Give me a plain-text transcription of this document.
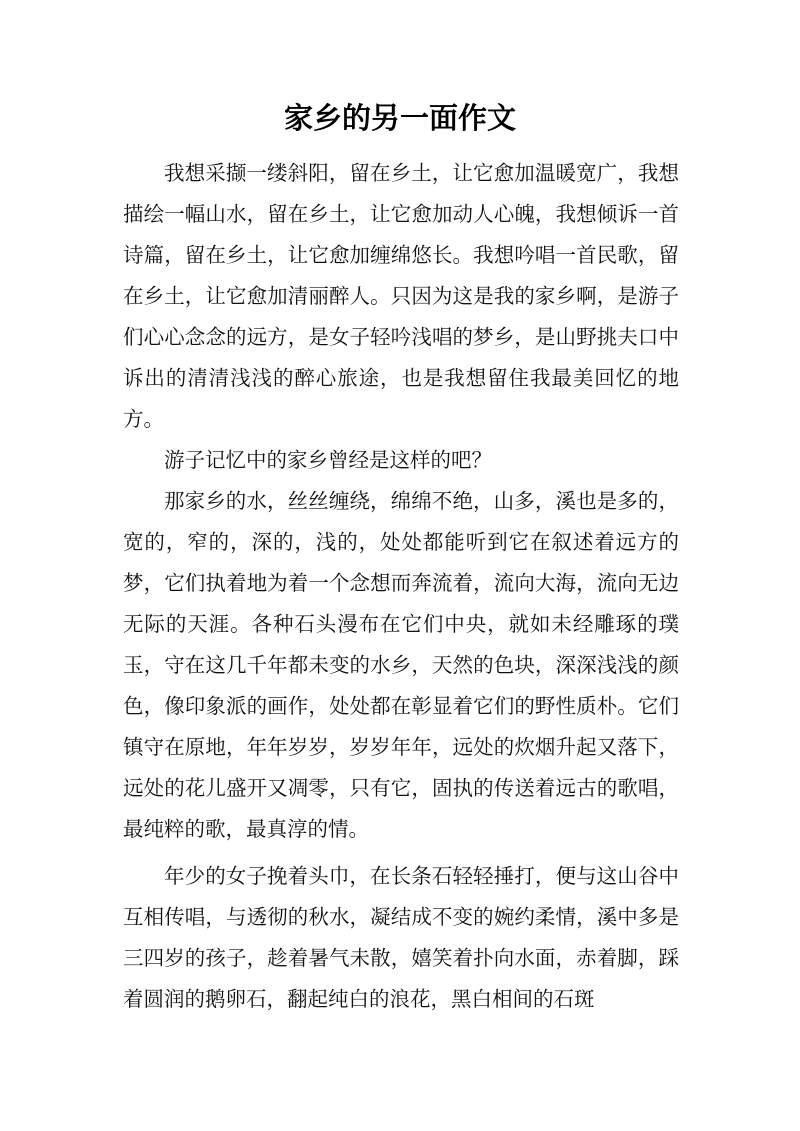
家乡的另一面作文

我想采撷一缕斜阳，留在乡土，让它愈加温暖宽广，我想描绘一幅山水，留在乡土，让它愈加动人心魄，我想倾诉一首诗篇，留在乡土，让它愈加缠绵悠长。我想吟唱一首民歌，留在乡土，让它愈加清丽醉人。只因为这是我的家乡啊，是游子们心心念念的远方，是女子轻吟浅唱的梦乡，是山野挑夫口中诉出的清清浅浅的醉心旅途，也是我想留住我最美回忆的地方。

游子记忆中的家乡曾经是这样的吧？

那家乡的水，丝丝缠绕，绵绵不绝，山多，溪也是多的，宽的，窄的，深的，浅的，处处都能听到它在叙述着远方的梦，它们执着地为着一个念想而奔流着，流向大海，流向无边无际的天涯。各种石头漫布在它们中央，就如未经雕琢的璞玉，守在这几千年都未变的水乡，天然的色块，深深浅浅的颜色，像印象派的画作，处处都在彰显着它们的野性质朴。它们镇守在原地，年年岁岁，岁岁年年，远处的炊烟升起又落下，远处的花儿盛开又凋零，只有它，固执的传送着远古的歌唱，最纯粹的歌，最真淳的情。

年少的女子挽着头巾，在长条石轻轻捶打，便与这山谷中互相传唱，与透彻的秋水，凝结成不变的婉约柔情，溪中多是三四岁的孩子，趁着暑气未散，嬉笑着扑向水面，赤着脚，踩着圆润的鹅卵石，翻起纯白的浪花，黑白相间的石斑
